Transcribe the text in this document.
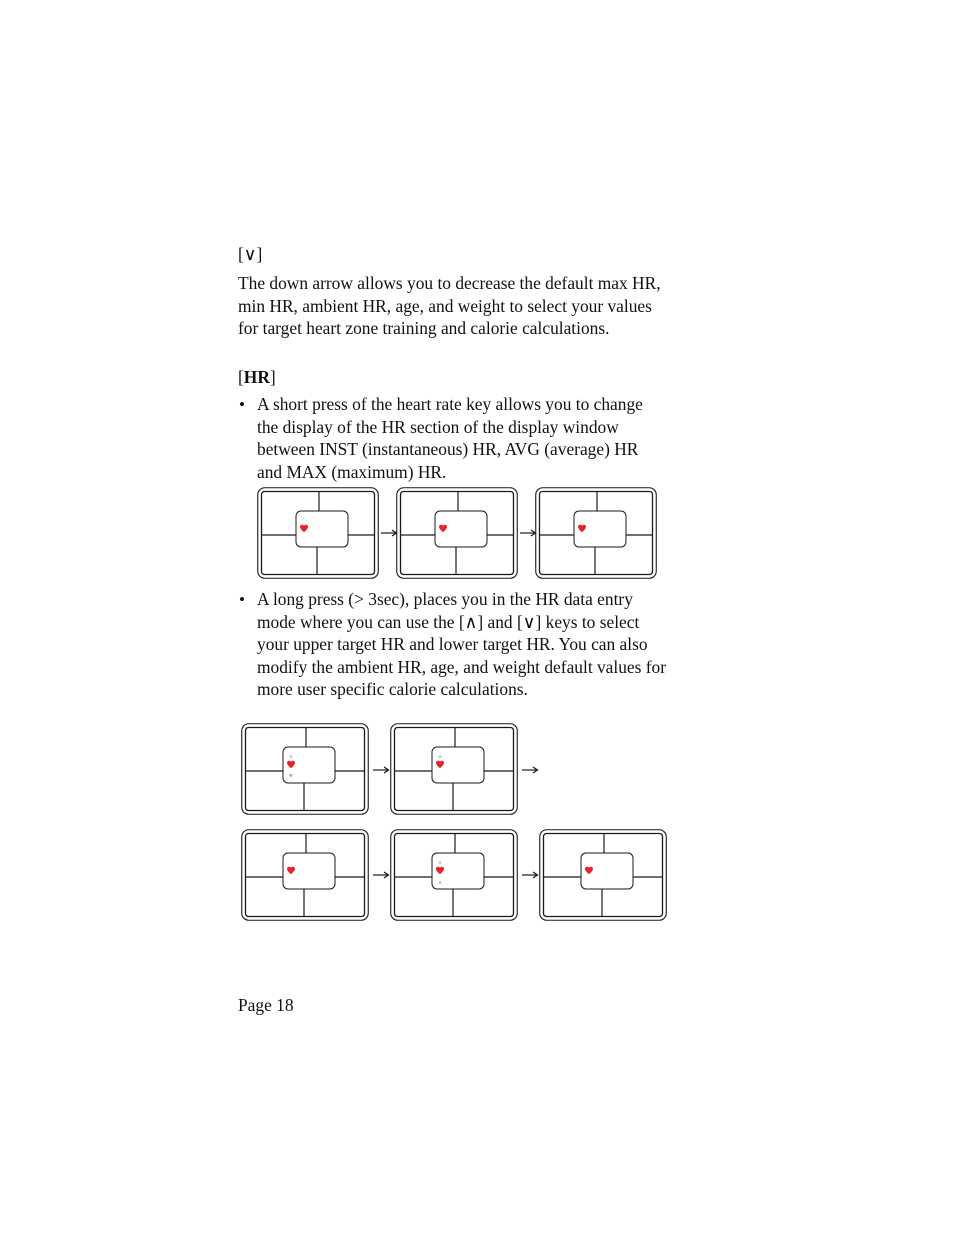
[∨]
The down arrow allows you to decrease the default max HR,
min HR, ambient HR, age, and weight to select your values
for target heart zone training and calorie calculations.
[HR]
• A short press of the heart rate key allows you to change
the display of the HR section of the display window
between INST (instantaneous) HR, AVG (average) HR
and MAX (maximum) HR.
• A long press (> 3sec), places you in the HR data entry
mode where you can use the [∧] and [∨] keys to select
your upper target HR and lower target HR. You can also
modify the ambient HR, age, and weight default values for
more user specific calorie calculations.
^
v
^
^
^
Page 18
